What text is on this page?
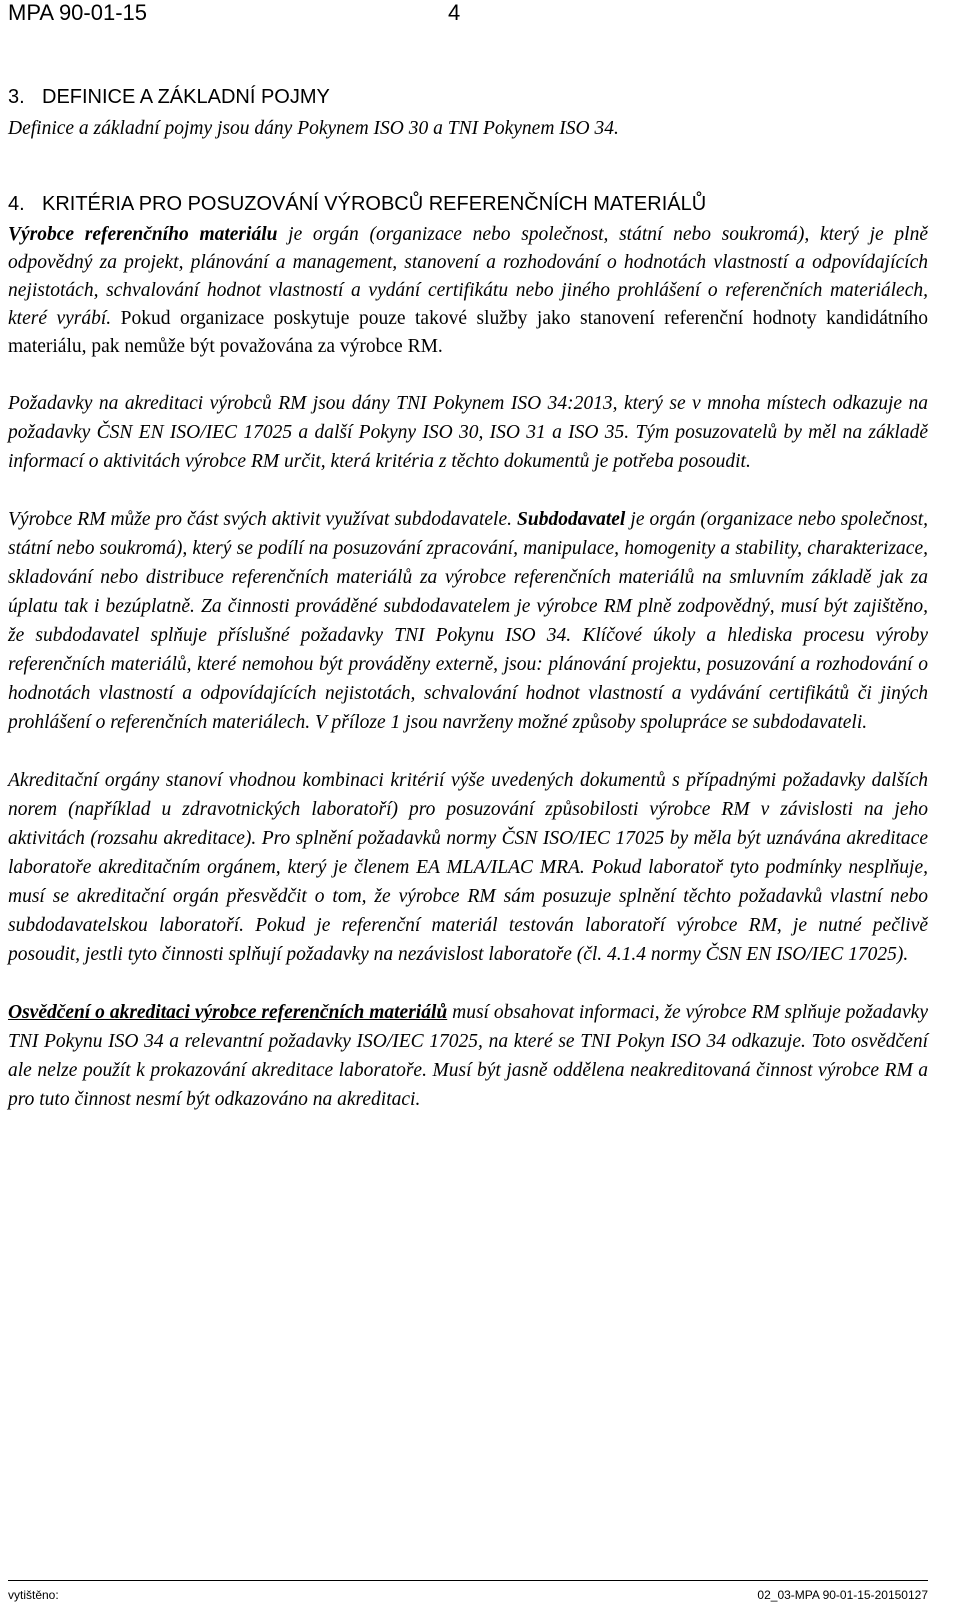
MPA 90-01-15	4
3. DEFINICE A ZÁKLADNÍ POJMY

Definice a základní pojmy jsou dány Pokynem ISO 30 a TNI Pokynem ISO 34.

4. KRITÉRIA PRO POSUZOVÁNÍ VÝROBCŮ REFERENČNÍCH MATERIÁLŮ

Výrobce referenčního materiálu je orgán (organizace nebo společnost, státní nebo soukromá), který je plně odpovědný za projekt, plánování a management, stanovení a rozhodování o hodnotách vlastností a odpovídajících nejistotách, schvalování hodnot vlastností a vydání certifikátu nebo jiného prohlášení o referenčních materiálech, které vyrábí. Pokud organizace poskytuje pouze takové služby jako stanovení referenční hodnoty kandidátního materiálu, pak nemůže být považována za výrobce RM.

Požadavky na akreditaci výrobců RM jsou dány TNI Pokynem ISO 34:2013, který se v mnoha místech odkazuje na požadavky ČSN EN ISO/IEC 17025 a další Pokyny ISO 30, ISO 31 a ISO 35. Tým posuzovatelů by měl na základě informací o aktivitách výrobce RM určit, která kritéria z těchto dokumentů je potřeba posoudit.

Výrobce RM může pro část svých aktivit využívat subdodavatele. Subdodavatel je orgán (organizace nebo společnost, státní nebo soukromá), který se podílí na posuzování zpracování, manipulace, homogenity a stability, charakterizace, skladování nebo distribuce referenčních materiálů za výrobce referenčních materiálů na smluvním základě jak za úplatu tak i bezúplatně. Za činnosti prováděné subdodavatelem je výrobce RM plně zodpovědný, musí být zajištěno, že subdodavatel splňuje příslušné požadavky TNI Pokynu ISO 34. Klíčové úkoly a hlediska procesu výroby referenčních materiálů, které nemohou být prováděny externě, jsou: plánování projektu, posuzování a rozhodování o hodnotách vlastností a odpovídajících nejistotách, schvalování hodnot vlastností a vydávání certifikátů či jiných prohlášení o referenčních materiálech. V příloze 1 jsou navrženy možné způsoby spolupráce se subdodavateli.

Akreditační orgány stanoví vhodnou kombinaci kritérií výše uvedených dokumentů s případnými požadavky dalších norem (například u zdravotnických laboratoří) pro posuzování způsobilosti výrobce RM v závislosti na jeho aktivitách (rozsahu akreditace). Pro splnění požadavků normy ČSN ISO/IEC 17025 by měla být uznávána akreditace laboratoře akreditačním orgánem, který je členem EA MLA/ILAC MRA. Pokud laboratoř tyto podmínky nesplňuje, musí se akreditační orgán přesvědčit o tom, že výrobce RM sám posuzuje splnění těchto požadavků vlastní nebo subdodavatelskou laboratoří. Pokud je referenční materiál testován laboratoří výrobce RM, je nutné pečlivě posoudit, jestli tyto činnosti splňují požadavky na nezávislost laboratoře (čl. 4.1.4 normy ČSN EN ISO/IEC 17025).

Osvědčení o akreditaci výrobce referenčních materiálů musí obsahovat informaci, že výrobce RM splňuje požadavky TNI Pokynu ISO 34 a relevantní požadavky ISO/IEC 17025, na které se TNI Pokyn ISO 34 odkazuje. Toto osvědčení ale nelze použít k prokazování akreditace laboratoře. Musí být jasně oddělena neakreditovaná činnost výrobce RM a pro tuto činnost nesmí být odkazováno na akreditaci.

vytištěno:	02_03-MPA 90-01-15-20150127
